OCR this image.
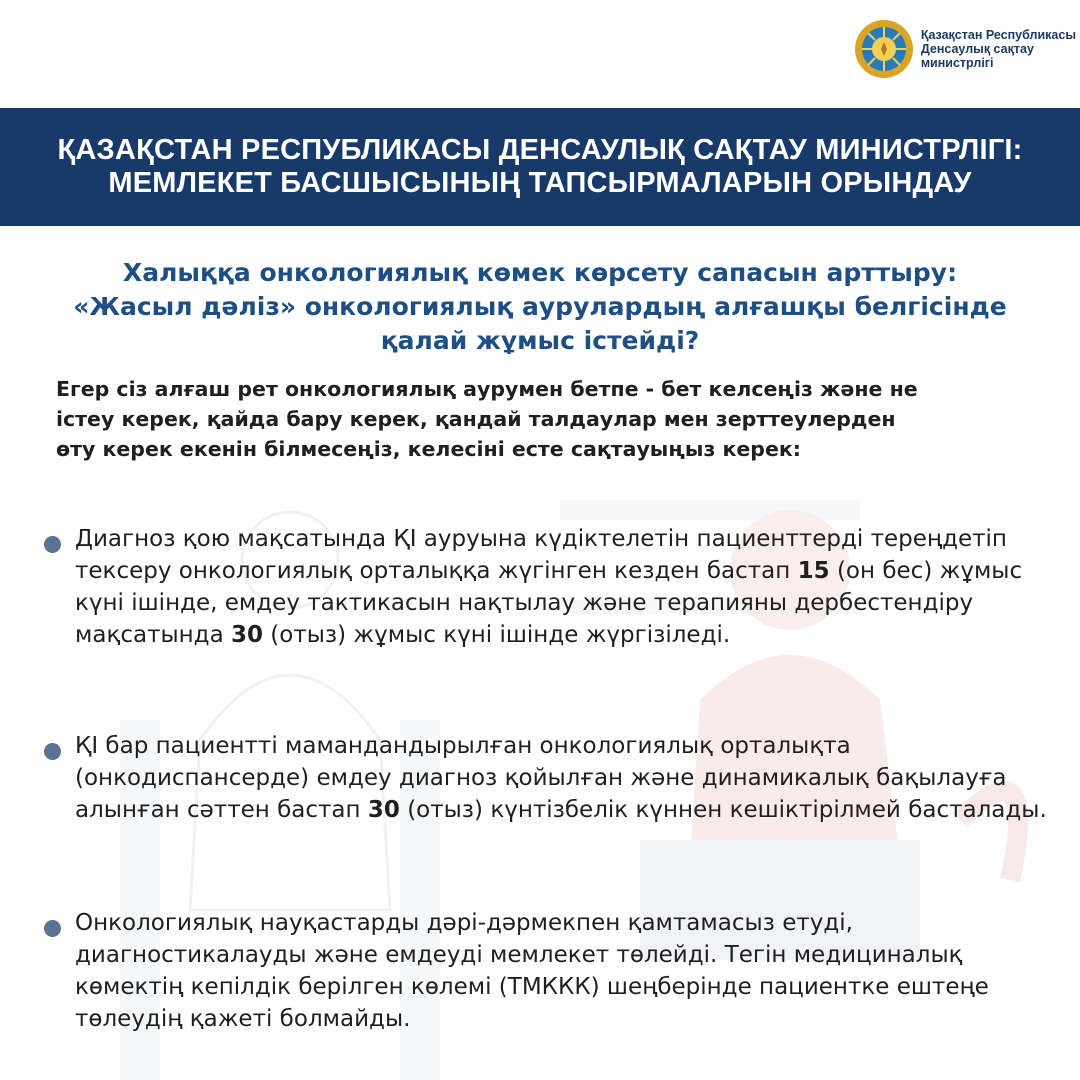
Қазақстан Республикасы
Денсаулық сақтау
министрлігі
ҚАЗАҚСТАН РЕСПУБЛИКАСЫ ДЕНСАУЛЫҚ САҚТАУ МИНИСТРЛІГІ: МЕМЛЕКЕТ БАСШЫСЫНЫҢ ТАПСЫРМАЛАРЫН ОРЫНДАУ
Халыққа онкологиялық көмек көрсету сапасын арттыру: «Жасыл дәліз» онкологиялық аурулардың алғашқы белгісінде қалай жұмыс істейді?
Егер сіз алғаш рет онкологиялық аурумен бетпе - бет келсеңіз және не істеу керек, қайда бару керек, қандай талдаулар мен зерттеулерден өту керек екенін білмесеңіз, келесіні есте сақтауыңыз керек:
Диагноз қою мақсатында ҚІ ауруына күдіктелетін пациенттерді тереңдетіп тексеру онкологиялық орталыққа жүгінген кезден бастап 15 (он бес) жұмыс күні ішінде, емдеу тактикасын нақтылау және терапияны дербестендіру мақсатында 30 (отыз) жұмыс күні ішінде жүргізіледі.
ҚІ бар пациентті мамандандырылған онкологиялық орталықта (онкодиспансерде) емдеу диагноз қойылған және динамикалық бақылауға алынған сәттен бастап 30 (отыз) күнтізбелік күннен кешіктірілмей басталады.
Онкологиялық науқастарды дәрі-дәрмекпен қамтамасыз етуді, диагностикалауды және емдеуді мемлекет төлейді. Тегін медициналық көмектің кепілдік берілген көлемі (ТМККК) шеңберінде пациентке ештеңе төлеудің қажеті болмайды.
